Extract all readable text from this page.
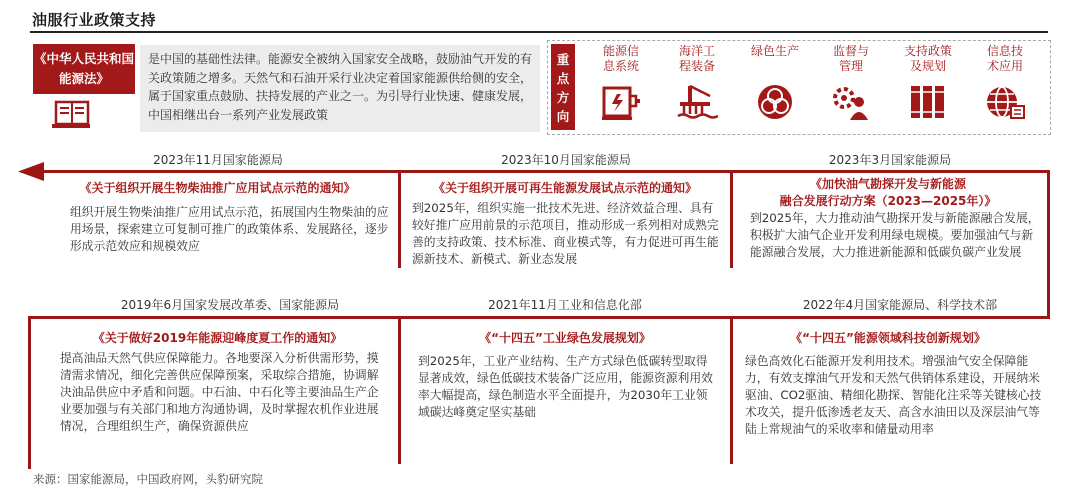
油服行业政策支持
《中华人民共和国能源法》
是中国的基础性法律。能源安全被纳入国家安全战略，鼓励油气开发的有关政策随之增多。天然气和石油开采行业决定着国家能源供给侧的安全，属于国家重点鼓励、扶持发展的产业之一。为引导行业快速、健康发展，中国相继出台一系列产业发展政策
重点方向
能源信
息系统
海洋工
程装备
绿色生产	监督与
管理
支持政策
及规划
信息技
术应用
2023年11月国家能源局	2023年10月国家能源局	2023年3月国家能源局
《关于组织开展生物柴油推广应用试点示范的通知》
组织开展生物柴油推广应用试点示范，拓展国内生物柴油的应用场景，探索建立可复制可推广的政策体系、发展路径，逐步形成示范效应和规模效应
《关于组织开展可再生能源发展试点示范的通知》
到2025年，组织实施一批技术先进、经济效益合理、具有较好推广应用前景的示范项目，推动形成一系列相对成熟完善的支持政策、技术标准、商业模式等，有力促进可再生能源新技术、新模式、新业态发展
《加快油气勘探开发与新能源
融合发展行动方案（2023—2025年）》
到2025年，大力推动油气勘探开发与新能源融合发展，积极扩大油气企业开发利用绿电规模。要加强油气与新能源融合发展，大力推进新能源和低碳负碳产业发展
2019年6月国家发展改革委、国家能源局	2021年11月工业和信息化部	2022年4月国家能源局、科学技术部
《关于做好2019年能源迎峰度夏工作的通知》
提高油品天然气供应保障能力。各地要深入分析供需形势，摸清需求情况，细化完善供应保障预案，采取综合措施，协调解决油品供应中矛盾和问题。中石油、中石化等主要油品生产企业要加强与有关部门和地方沟通协调，及时掌握农机作业进展情况，合理组织生产，确保资源供应
《“十四五”工业绿色发展规划》
到2025年，工业产业结构、生产方式绿色低碳转型取得显著成效，绿色低碳技术装备广泛应用，能源资源利用效率大幅提高，绿色制造水平全面提升，为2030年工业领域碳达峰奠定坚实基础
《“十四五”能源领域科技创新规划》
绿色高效化石能源开发利用技术。增强油气安全保障能力，有效支撑油气开发和天然气供销体系建设，开展纳米驱油、CO2驱油、精细化勘探、智能化注采等关键核心技术攻关，提升低渗透老友天、高含水油田以及深层油气等陆上常规油气的采收率和储量动用率
来源：国家能源局，中国政府网，头豹研究院
